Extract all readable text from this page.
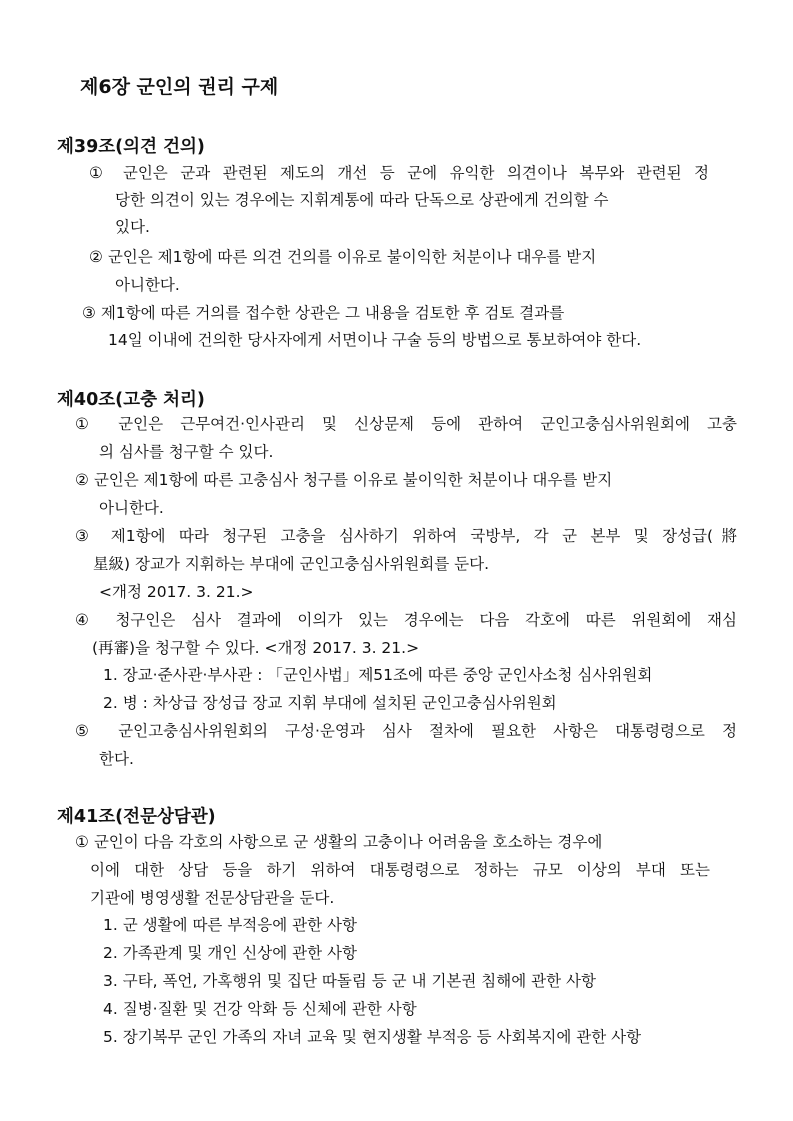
제6장 군인의 권리 구제
제39조(의견 건의)
① 군인은 군과 관련된 제도의 개선 등 군에 유익한 의견이나 복무와 관련된 정
당한 의견이 있는 경우에는 지휘계통에 따라 단독으로 상관에게 건의할 수
있다.
② 군인은 제1항에 따른 의견 건의를 이유로 불이익한 처분이나 대우를 받지
아니한다.
③ 제1항에 따른 거의를 접수한 상관은 그 내용을 검토한 후 검토 결과를
14일 이내에 건의한 당사자에게 서면이나 구술 등의 방법으로 통보하여야 한다.
제40조(고충 처리)
① 군인은 근무여건·인사관리 및 신상문제 등에 관하여 군인고충심사위원회에 고충
의 심사를 청구할 수 있다.
② 군인은 제1항에 따른 고충심사 청구를 이유로 불이익한 처분이나 대우를 받지
아니한다.
③ 제1항에 따라 청구된 고충을 심사하기 위하여 국방부, 각 군 본부 및 장성급(將
星級) 장교가 지휘하는 부대에 군인고충심사위원회를 둔다.
<개정 2017. 3. 21.>
④ 청구인은 심사 결과에 이의가 있는 경우에는 다음 각호에 따른 위원회에 재심
(再審)을 청구할 수 있다. <개정 2017. 3. 21.>
1. 장교·준사관·부사관 : 「군인사법」제51조에 따른 중앙 군인사소청 심사위원회
2. 병 : 차상급 장성급 장교 지휘 부대에 설치된 군인고충심사위원회
⑤ 군인고충심사위원회의 구성·운영과 심사 절차에 필요한 사항은 대통령령으로 정
한다.
제41조(전문상담관)
① 군인이 다음 각호의 사항으로 군 생활의 고충이나 어려움을 호소하는 경우에
이에 대한 상담 등을 하기 위하여 대통령령으로 정하는 규모 이상의 부대 또는
기관에 병영생활 전문상담관을 둔다.
1. 군 생활에 따른 부적응에 관한 사항
2. 가족관계 및 개인 신상에 관한 사항
3. 구타, 폭언, 가혹행위 및 집단 따돌림 등 군 내 기본권 침해에 관한 사항
4. 질병·질환 및 건강 악화 등 신체에 관한 사항
5. 장기복무 군인 가족의 자녀 교육 및 현지생활 부적응 등 사회복지에 관한 사항
